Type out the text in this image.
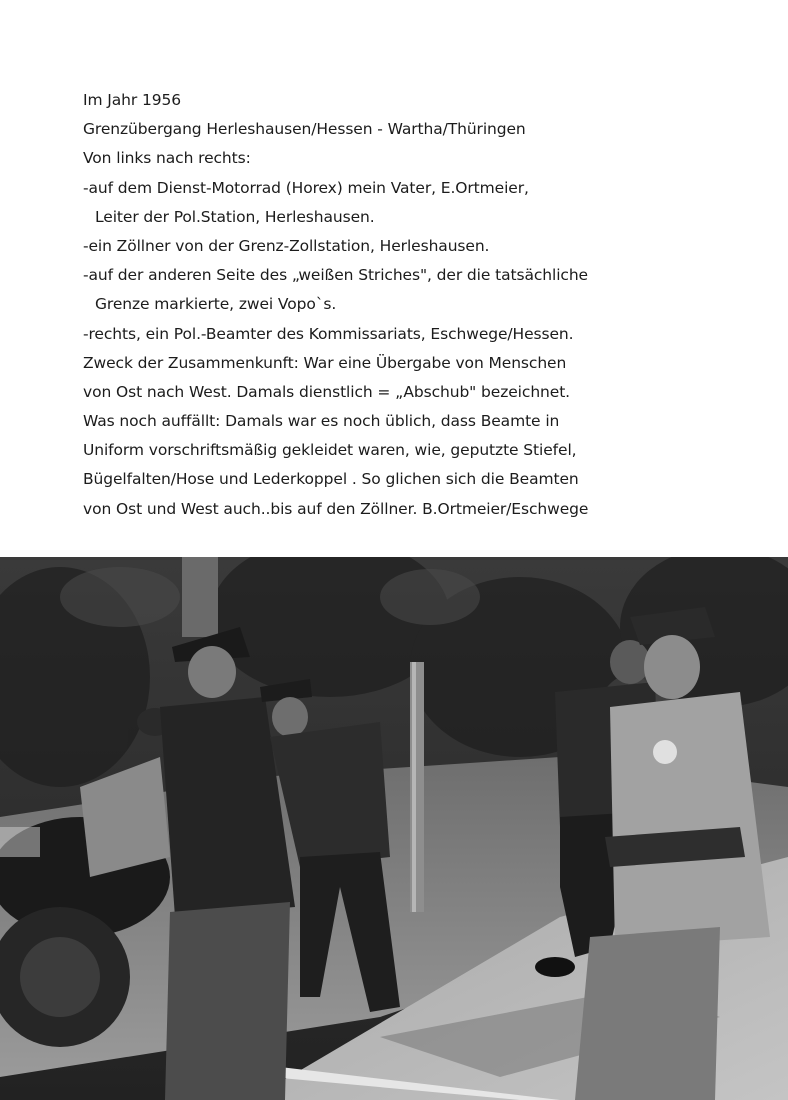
Im Jahr 1956
Grenzübergang Herleshausen/Hessen - Wartha/Thüringen
Von links nach rechts:
-auf dem Dienst-Motorrad (Horex) mein Vater, E.Ortmeier,
Leiter der Pol.Station, Herleshausen.
-ein Zöllner von der Grenz-Zollstation, Herleshausen.
-auf der anderen Seite des „weißen Striches", der die tatsächliche
Grenze markierte, zwei Vopo`s.
-rechts, ein Pol.-Beamter des Kommissariats, Eschwege/Hessen.
Zweck der Zusammenkunft: War eine Übergabe von Menschen
von Ost nach West. Damals dienstlich = „Abschub" bezeichnet.
Was noch auffällt: Damals war es noch üblich, dass Beamte in
Uniform vorschriftsmäßig gekleidet waren, wie, geputzte Stiefel,
Bügelfalten/Hose und Lederkoppel . So glichen sich die Beamten
von Ost und West auch..bis auf den Zöllner. B.Ortmeier/Eschwege
